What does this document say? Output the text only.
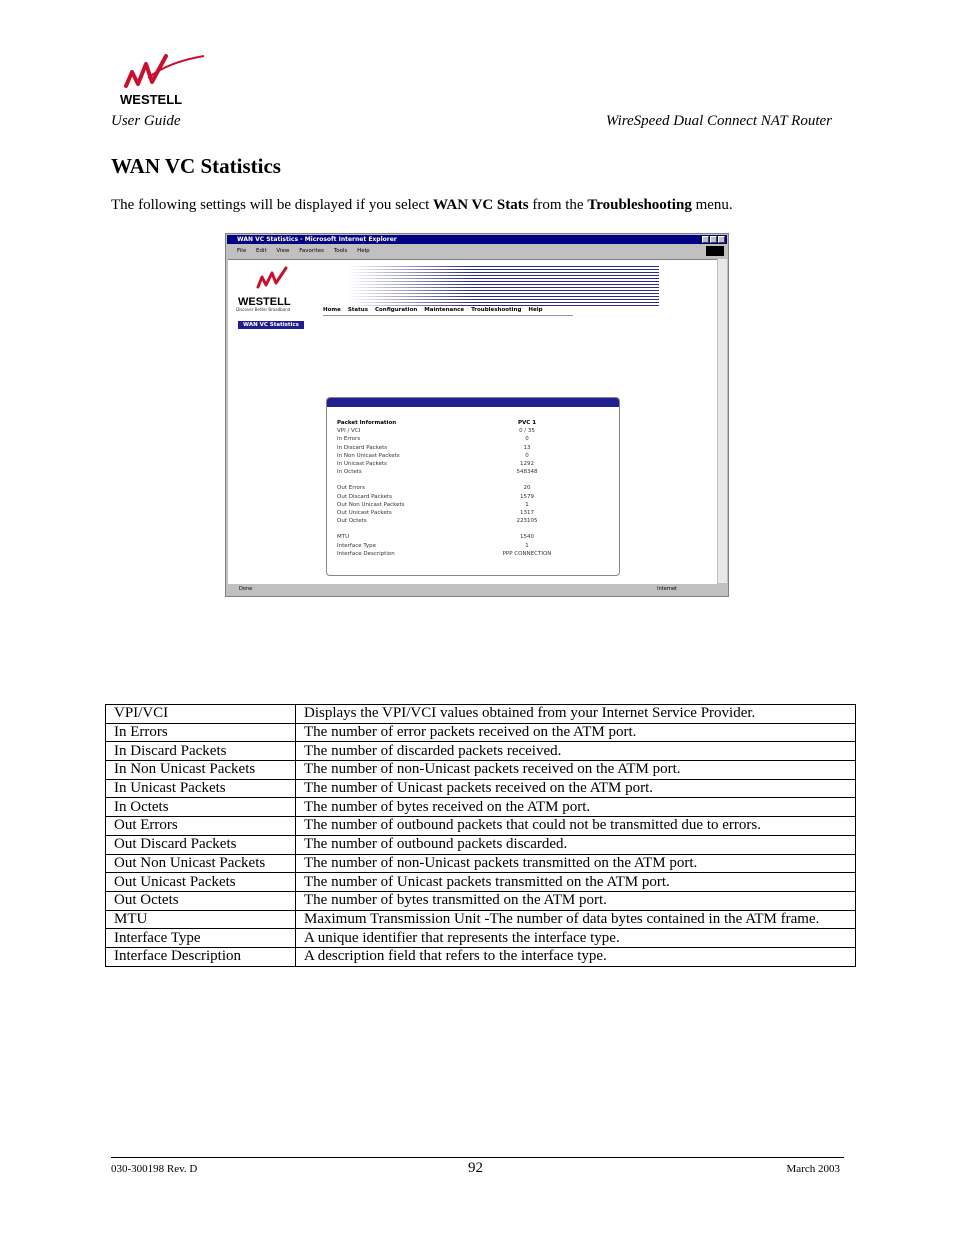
WESTELL
User Guide	WireSpeed Dual Connect NAT Router
WAN VC Statistics
The following settings will be displayed if you select WAN VC Stats from the Troubleshooting menu.
WAN VC Statistics - Microsoft Internet Explorer
File Edit View Favorites Tools Help
WESTELL
Discover Better Broadband	Home Status Configuration Maintenance Troubleshooting Help
WAN VC Statistics
Packet Information	PVC 1
VPI / VCI	0 / 35
In Errors	0
In Discard Packets	13
In Non Unicast Packets	0
In Unicast Packets	1292
In Octets	548348
Out Errors	20
Out Discard Packets	1579
Out Non Unicast Packets	1
Out Unicast Packets	1317
Out Octets	223105
MTU	1540
Interface Type	1
Interface Description	PPP CONNECTION
Done	Internet
VPI/VCI	Displays the VPI/VCI values obtained from your Internet Service Provider.
In Errors	The number of error packets received on the ATM port.
In Discard Packets	The number of discarded packets received.
In Non Unicast Packets	The number of non-Unicast packets received on the ATM port.
In Unicast Packets	The number of Unicast packets received on the ATM port.
In Octets	The number of bytes received on the ATM port.
Out Errors	The number of outbound packets that could not be transmitted due to errors.
Out Discard Packets	The number of outbound packets discarded.
Out Non Unicast Packets	The number of non-Unicast packets transmitted on the ATM port.
Out Unicast Packets	The number of Unicast packets transmitted on the ATM port.
Out Octets	The number of bytes transmitted on the ATM port.
MTU	Maximum Transmission Unit -The number of data bytes contained in the ATM frame.
Interface Type	A unique identifier that represents the interface type.
Interface Description	A description field that refers to the interface type.
030-300198 Rev. D	92	March 2003
